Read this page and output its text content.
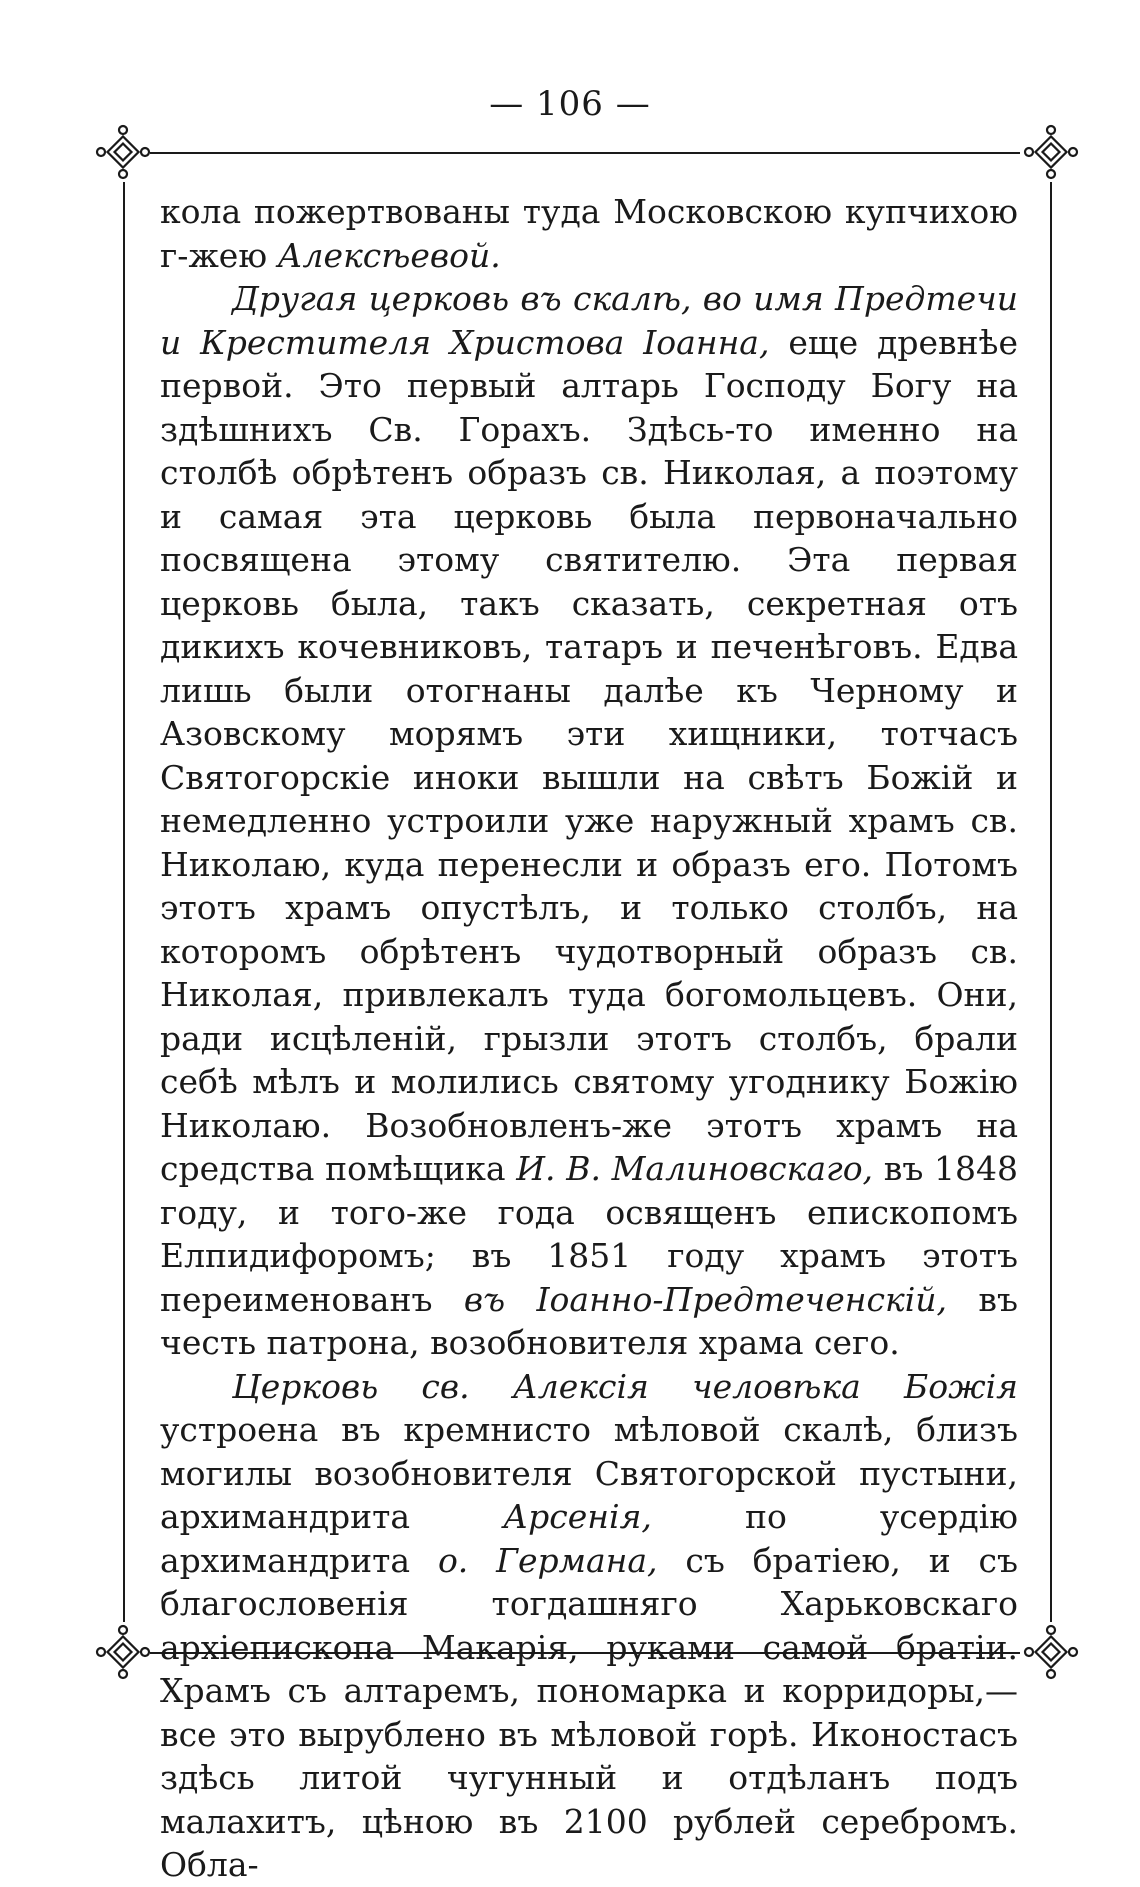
— 106 —

кола пожертвованы туда Московскою купчихою г-жею Алексѣевой.

Другая церковь въ скалѣ, во имя Предтечи и Крестителя Христова Іоанна, еще древнѣе первой. Это первый алтарь Господу Богу на здѣшнихъ Св. Горахъ. Здѣсь-то именно на столбѣ обрѣтенъ образъ св. Николая, а поэтому и самая эта церковь была первоначально посвящена этому святителю. Эта первая церковь была, такъ сказать, секретная отъ дикихъ кочевниковъ, татаръ и печенѣговъ. Едва лишь были отогнаны далѣе къ Черному и Азовскому морямъ эти хищники, тотчасъ Святогорскіе иноки вышли на свѣтъ Божій и немедленно устроили уже наружный храмъ св. Николаю, куда перенесли и образъ его. Потомъ этотъ храмъ опустѣлъ, и только столбъ, на которомъ обрѣтенъ чудотворный образъ св. Николая, привлекалъ туда богомольцевъ. Они, ради исцѣленій, грызли этотъ столбъ, брали себѣ мѣлъ и молились святому угоднику Божію Николаю. Возобновленъ-же этотъ храмъ на средства помѣщика И. В. Малиновскаго, въ 1848 году, и того-же года освященъ епископомъ Елпидифоромъ; въ 1851 году храмъ этотъ переименованъ въ Іоанно-Предтеченскій, въ честь патрона, возобновителя храма сего.

Церковь св. Алексія человѣка Божія устроена въ кремнисто мѣловой скалѣ, близъ могилы возобновителя Святогорской пустыни, архимандрита Арсенія, по усердію архимандрита о. Германа, съ братіею, и съ благословенія тогдашняго Харьковскаго архіепископа Макарія, руками самой братіи. Храмъ съ алтаремъ, пономарка и корридоры,—все это вырублено въ мѣловой горѣ. Иконостасъ здѣсь литой чугунный и отдѣланъ подъ малахитъ, цѣною въ 2100 рублей серебромъ. Обла-
